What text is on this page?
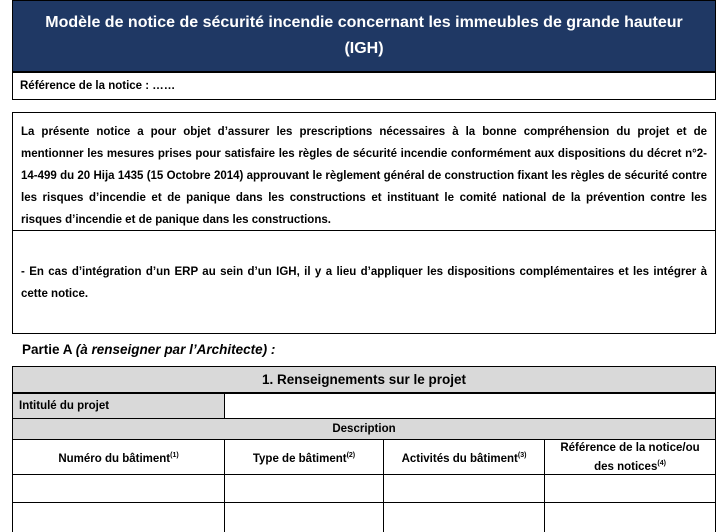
Modèle de notice de sécurité incendie concernant les immeubles de grande hauteur (IGH)
Référence de la notice : ……

La présente notice a pour objet d’assurer les prescriptions nécessaires à la bonne compréhension du projet et de mentionner les mesures prises pour satisfaire les règles de sécurité incendie conformément aux dispositions du décret n°2-14-499 du 20 Hija 1435 (15 Octobre 2014) approuvant le règlement général de construction fixant les règles de sécurité contre les risques d’incendie et de panique dans les constructions et instituant le comité national de la prévention contre les risques d’incendie et de panique dans les constructions.

- En cas d’intégration d’un ERP au sein d’un IGH, il y a lieu d’appliquer les dispositions complémentaires et les intégrer à cette notice.

Partie A (à renseigner par l’Architecte) :
1. Renseignements sur le projet
Intitulé du projet
Description
Numéro du bâtiment$^{(1)}$	Type de bâtiment$^{(2)}$	Activités du bâtiment$^{(3)}$
Référence de la notice/ou des notices$^{(4)}$
